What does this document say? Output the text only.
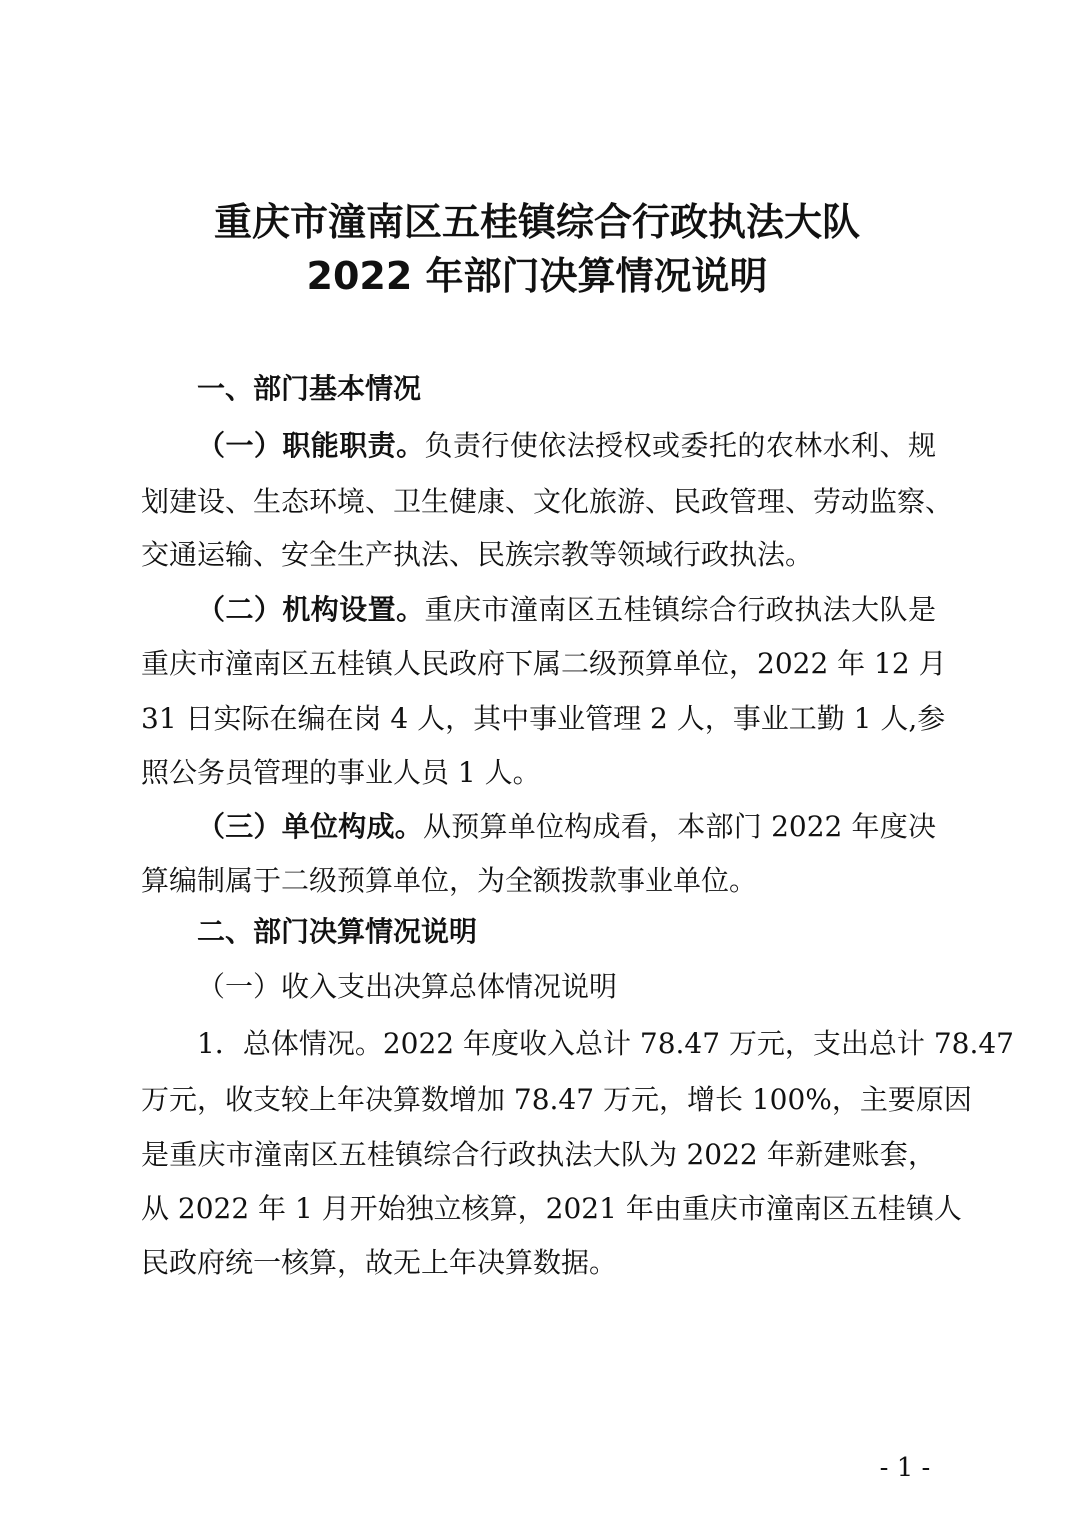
重庆市潼南区五桂镇综合行政执法大队
2022 年部门决算情况说明
一、部门基本情况
（一）职能职责。负责行使依法授权或委托的农林水利、规
划建设、生态环境、卫生健康、文化旅游、民政管理、劳动监察、
交通运输、安全生产执法、民族宗教等领域行政执法。
（二）机构设置。重庆市潼南区五桂镇综合行政执法大队是
重庆市潼南区五桂镇人民政府下属二级预算单位，2022 年 12 月
31 日实际在编在岗 4 人，其中事业管理 2 人，事业工勤 1 人,参
照公务员管理的事业人员 1 人。
（三）单位构成。从预算单位构成看，本部门 2022 年度决
算编制属于二级预算单位，为全额拨款事业单位。
二、部门决算情况说明
（一）收入支出决算总体情况说明
1．总体情况。2022 年度收入总计 78.47 万元，支出总计 78.47
万元，收支较上年决算数增加 78.47 万元，增长 100%，主要原因
是重庆市潼南区五桂镇综合行政执法大队为 2022 年新建账套，
从 2022 年 1 月开始独立核算，2021 年由重庆市潼南区五桂镇人
民政府统一核算，故无上年决算数据。
- 1 -
